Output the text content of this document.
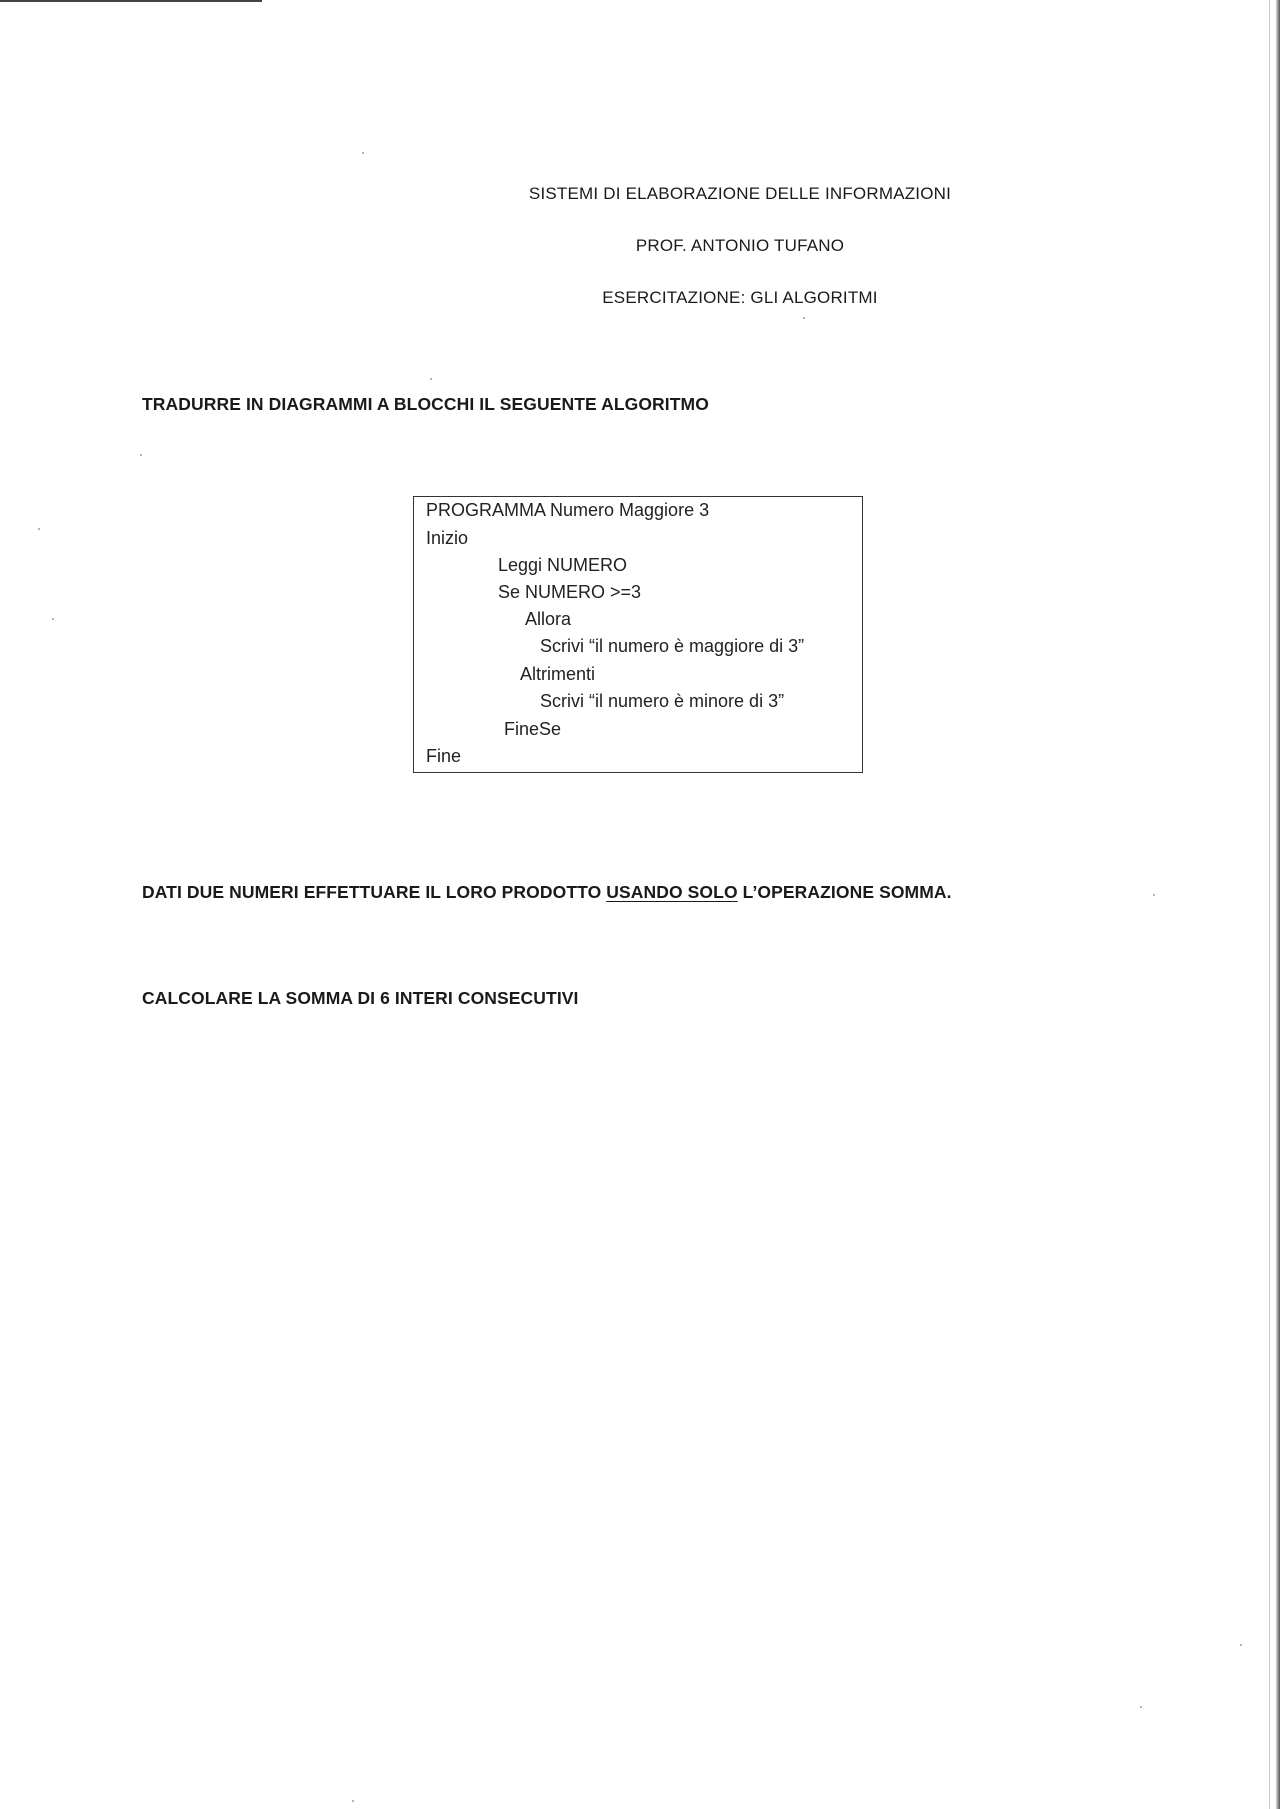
SISTEMI DI ELABORAZIONE DELLE INFORMAZIONI
PROF. ANTONIO TUFANO
ESERCITAZIONE: GLI ALGORITMI
TRADURRE IN DIAGRAMMI A BLOCCHI IL SEGUENTE ALGORITMO
PROGRAMMA Numero Maggiore 3
Inizio
Leggi NUMERO
Se NUMERO >=3
Allora
Scrivi “il numero è maggiore di 3”
Altrimenti
Scrivi “il numero è minore di 3”
FineSe
Fine
DATI DUE NUMERI EFFETTUARE IL LORO PRODOTTO USANDO SOLO L’OPERAZIONE SOMMA.
CALCOLARE LA SOMMA DI 6 INTERI CONSECUTIVI
